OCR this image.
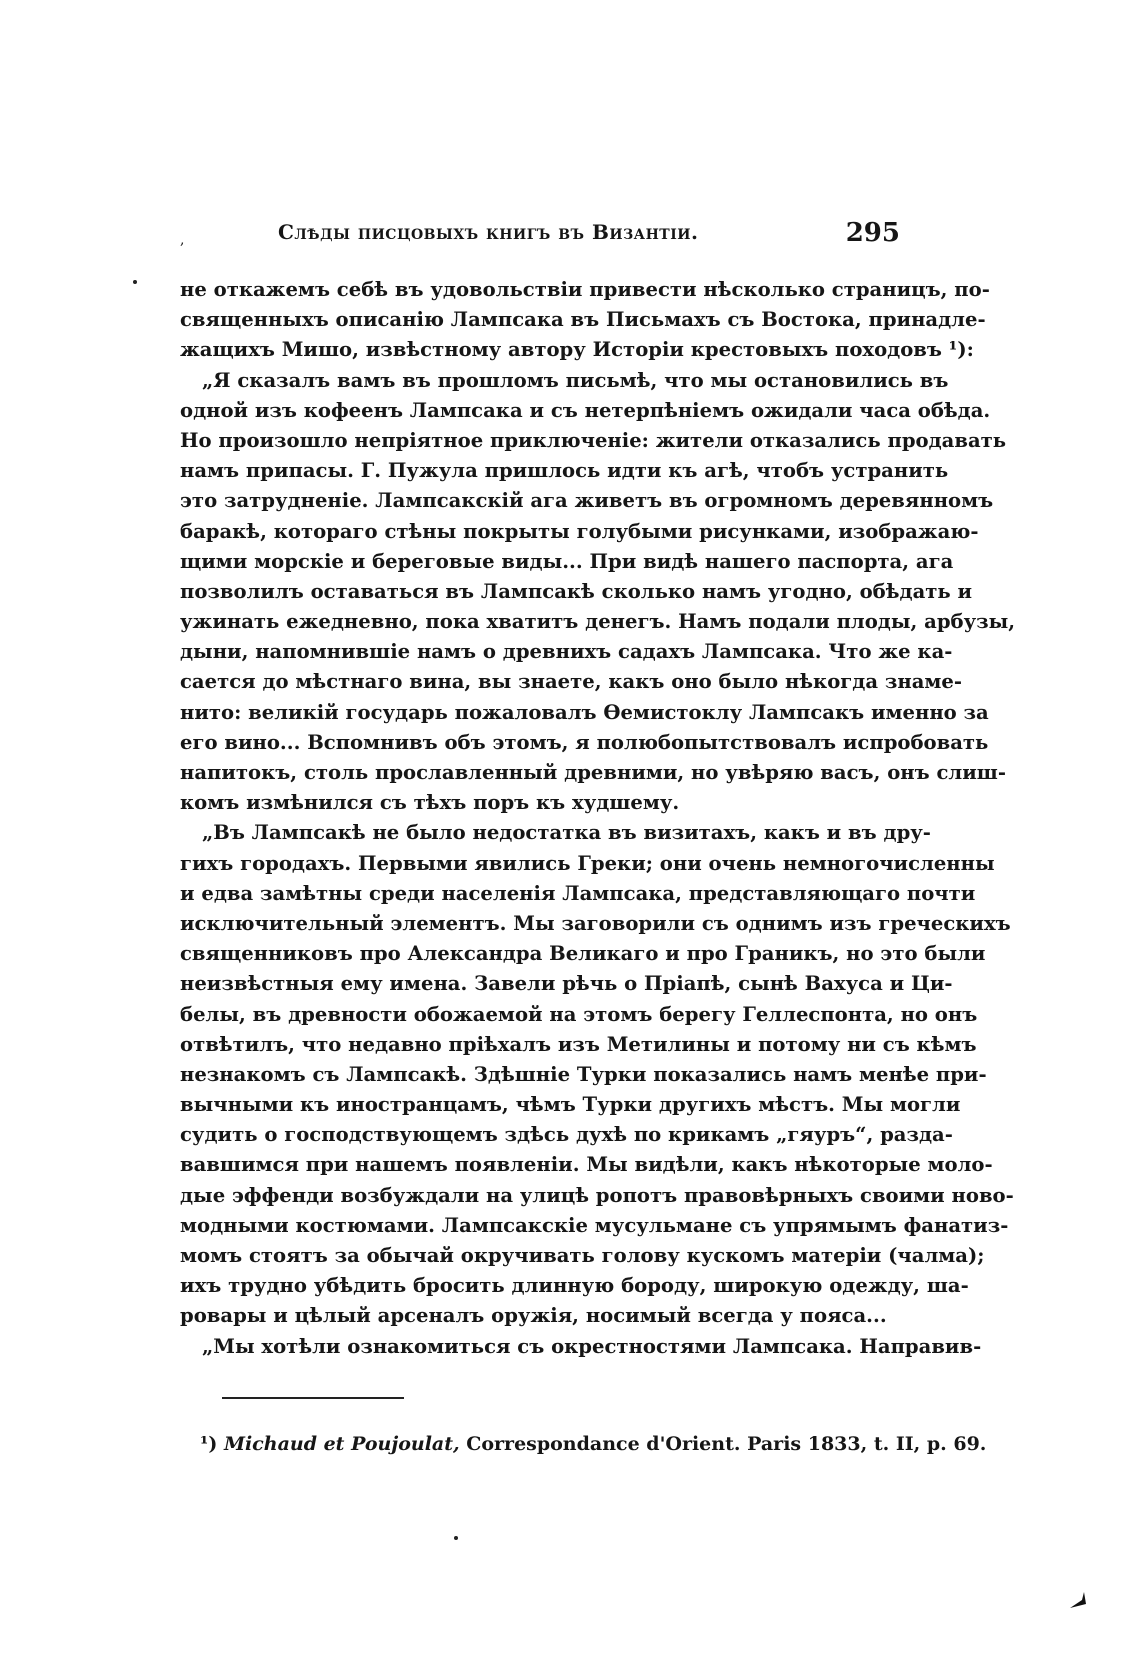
,	Слѣды писцовыхъ книгъ въ Византіи.	295
не откажемъ себѣ въ удовольствіи привести нѣсколько страницъ, по-
священныхъ описанію Лампсака въ Письмахъ съ Востока, принадле-
жащихъ Мишо, извѣстному автору Исторіи крестовыхъ походовъ ¹):
„Я сказалъ вамъ въ прошломъ письмѣ, что мы остановились въ
одной изъ кофеенъ Лампсака и съ нетерпѣніемъ ожидали часа обѣда.
Но произошло непріятное приключеніе: жители отказались продавать
намъ припасы. Г. Пужула пришлось идти къ агѣ, чтобъ устранить
это затрудненіе. Лампсакскій ага живетъ въ огромномъ деревянномъ
баракѣ, котораго стѣны покрыты голубыми рисунками, изображаю-
щими морскіе и береговые виды... При видѣ нашего паспорта, ага
позволилъ оставаться въ Лампсакѣ сколько намъ угодно, обѣдать и
ужинать ежедневно, пока хватитъ денегъ. Намъ подали плоды, арбузы,
дыни, напомнившіе намъ о древнихъ садахъ Лампсака. Что же ка-
сается до мѣстнаго вина, вы знаете, какъ оно было нѣкогда знаме-
нито: великій государь пожаловалъ Ѳемистоклу Лампсакъ именно за
его вино... Вспомнивъ объ этомъ, я полюбопытствовалъ испробовать
напитокъ, столь прославленный древними, но увѣряю васъ, онъ слиш-
комъ измѣнился съ тѣхъ поръ къ худшему.
„Въ Лампсакѣ не было недостатка въ визитахъ, какъ и въ дру-
гихъ городахъ. Первыми явились Греки; они очень немногочисленны
и едва замѣтны среди населенія Лампсака, представляющаго почти
исключительный элементъ. Мы заговорили съ однимъ изъ греческихъ
священниковъ про Александра Великаго и про Граникъ, но это были
неизвѣстныя ему имена. Завели рѣчь о Пріапѣ, сынѣ Вахуса и Ци-
белы, въ древности обожаемой на этомъ берегу Геллеспонта, но онъ
отвѣтилъ, что недавно пріѣхалъ изъ Метилины и потому ни съ кѣмъ
незнакомъ съ Лампсакѣ. Здѣшніе Турки показались намъ менѣе при-
вычными къ иностранцамъ, чѣмъ Турки другихъ мѣстъ. Мы могли
судить о господствующемъ здѣсь духѣ по крикамъ „гяуръ“, разда-
вавшимся при нашемъ появленіи. Мы видѣли, какъ нѣкоторые моло-
дые эффенди возбуждали на улицѣ ропотъ правовѣрныхъ своими ново-
модными костюмами. Лампсакскіе мусульмане съ упрямымъ фанатиз-
момъ стоятъ за обычай окручивать голову кускомъ матеріи (чалма);
ихъ трудно убѣдить бросить длинную бороду, широкую одежду, ша-
ровары и цѣлый арсеналъ оружія, носимый всегда у пояса...
„Мы хотѣли ознакомиться съ окрестностями Лампсака. Направив-
¹) Michaud et Poujoulat, Correspondance d'Orient. Paris 1833, t. II, p. 69.
